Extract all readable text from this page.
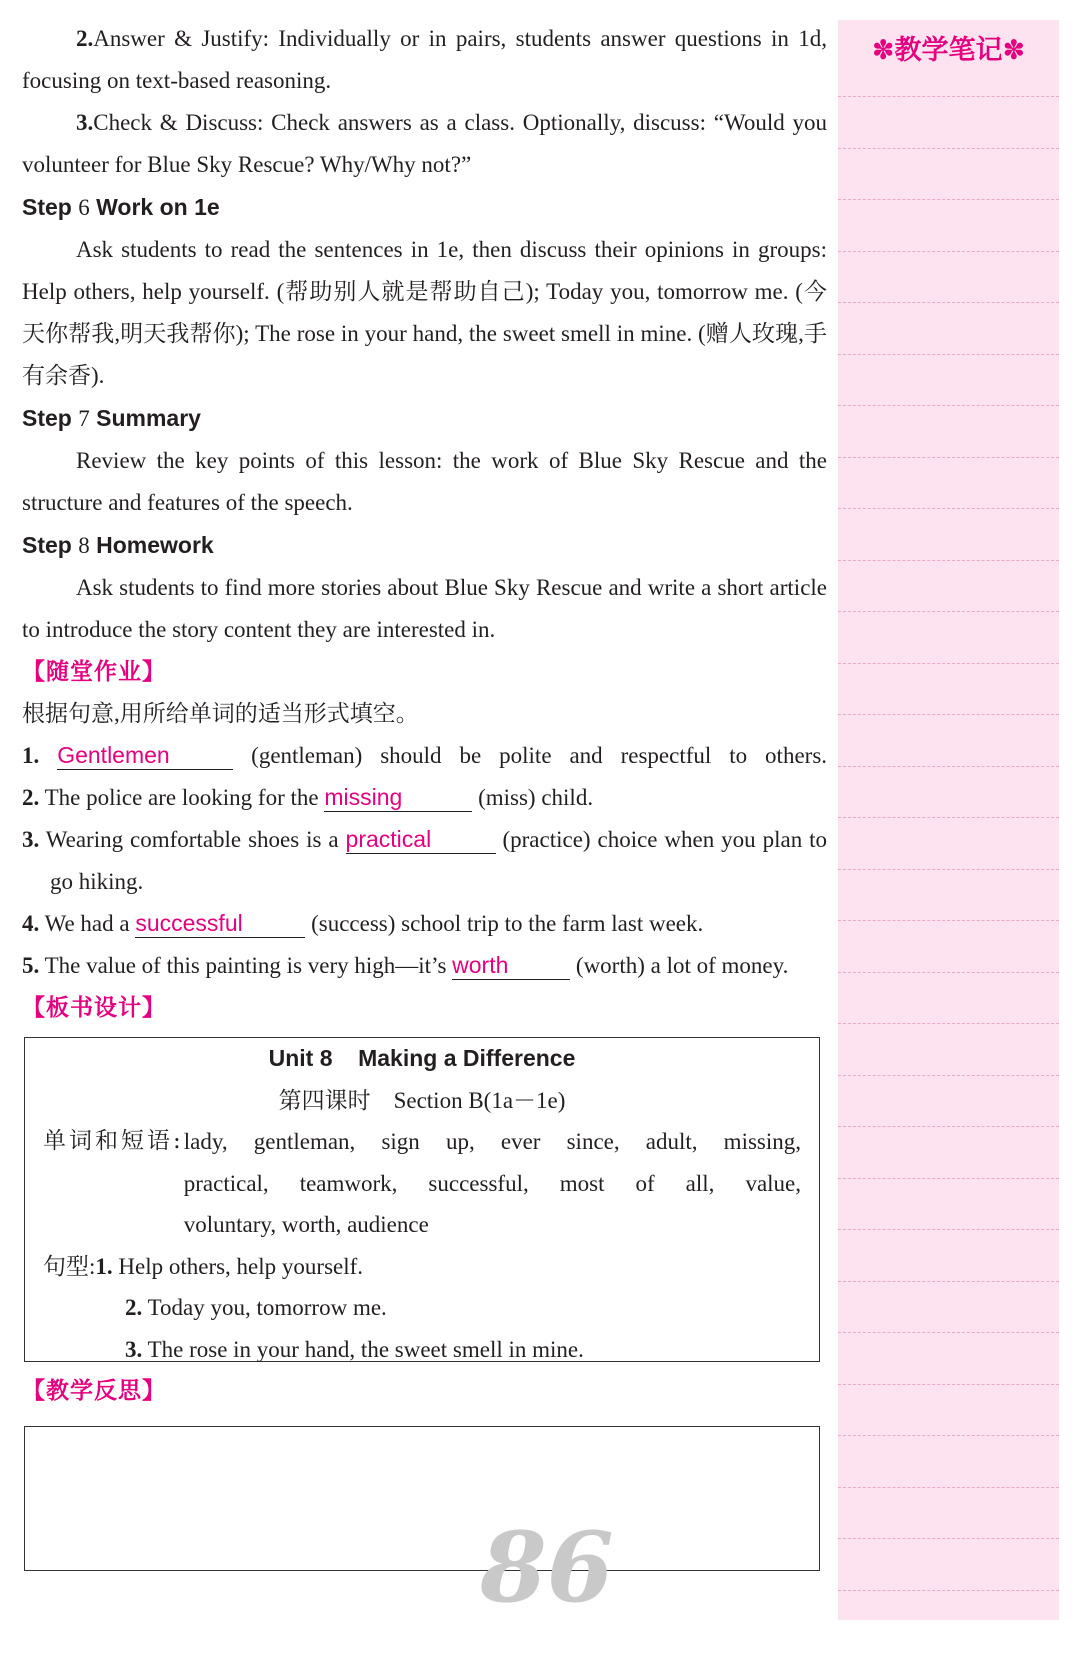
2.Answer & Justify: Individually or in pairs, students answer questions in 1d, focusing on text-based reasoning.

3.Check & Discuss: Check answers as a class. Optionally, discuss: “Would you volunteer for Blue Sky Rescue? Why/Why not?”

Step 6 Work on 1e

Ask students to read the sentences in 1e, then discuss their opinions in groups: Help others, help yourself. (帮助别人就是帮助自己); Today you, tomorrow me. (今天你帮我,明天我帮你); The rose in your hand, the sweet smell in mine. (赠人玫瑰,手有余香).

Step 7 Summary

Review the key points of this lesson: the work of Blue Sky Rescue and the structure and features of the speech.

Step 8 Homework

Ask students to find more stories about Blue Sky Rescue and write a short article to introduce the story content they are interested in.

【随堂作业】

根据句意,用所给单词的适当形式填空。

1. Gentlemen	(gentleman) should be polite and respectful to others.

2. The police are looking for the missing	(miss) child.

3. Wearing comfortable shoes is a practical	(practice) choice when you plan to go hiking.

4. We had a successful	(success) school trip to the farm last week.

5. The value of this painting is very high—it’s worth	(worth) a lot of money.

【板书设计】

Unit 8    Making a Difference

第四课时    Section B(1a－1e)

单词和短语: lady, gentleman, sign up, ever since, adult, missing,
practical, teamwork, successful, most of all, value,
voluntary, worth, audience

句型:1. Help others, help yourself.

2. Today you, tomorrow me.

3. The rose in your hand, the sweet smell in mine.

【教学反思】

86
✽教学笔记✽
